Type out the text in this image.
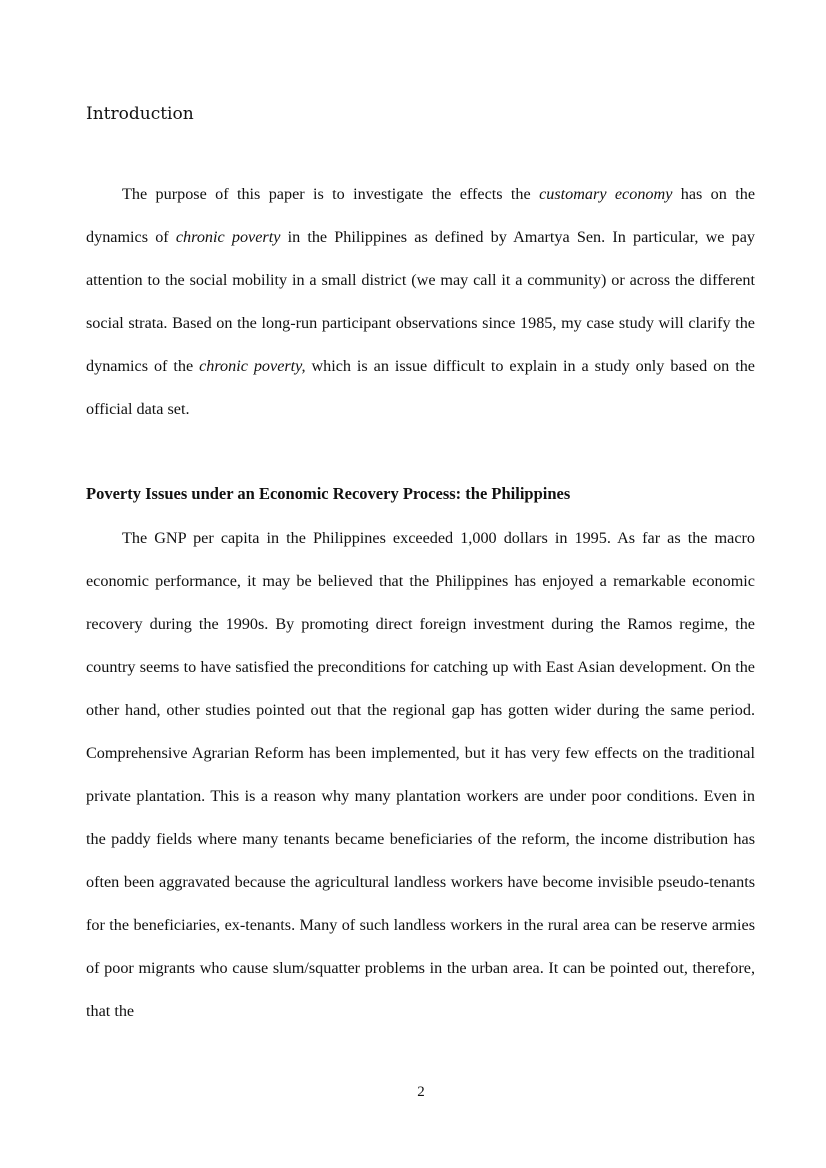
Introduction

The purpose of this paper is to investigate the effects the customary economy has on the dynamics of chronic poverty in the Philippines as defined by Amartya Sen. In particular, we pay attention to the social mobility in a small district (we may call it a community) or across the different social strata. Based on the long-run participant observations since 1985, my case study will clarify the dynamics of the chronic poverty, which is an issue difficult to explain in a study only based on the official data set.

Poverty Issues under an Economic Recovery Process: the Philippines

The GNP per capita in the Philippines exceeded 1,000 dollars in 1995. As far as the macro economic performance, it may be believed that the Philippines has enjoyed a remarkable economic recovery during the 1990s. By promoting direct foreign investment during the Ramos regime, the country seems to have satisfied the preconditions for catching up with East Asian development. On the other hand, other studies pointed out that the regional gap has gotten wider during the same period. Comprehensive Agrarian Reform has been implemented, but it has very few effects on the traditional private plantation. This is a reason why many plantation workers are under poor conditions. Even in the paddy fields where many tenants became beneficiaries of the reform, the income distribution has often been aggravated because the agricultural landless workers have become invisible pseudo-tenants for the beneficiaries, ex-tenants. Many of such landless workers in the rural area can be reserve armies of poor migrants who cause slum/squatter problems in the urban area. It can be pointed out, therefore, that the

2
